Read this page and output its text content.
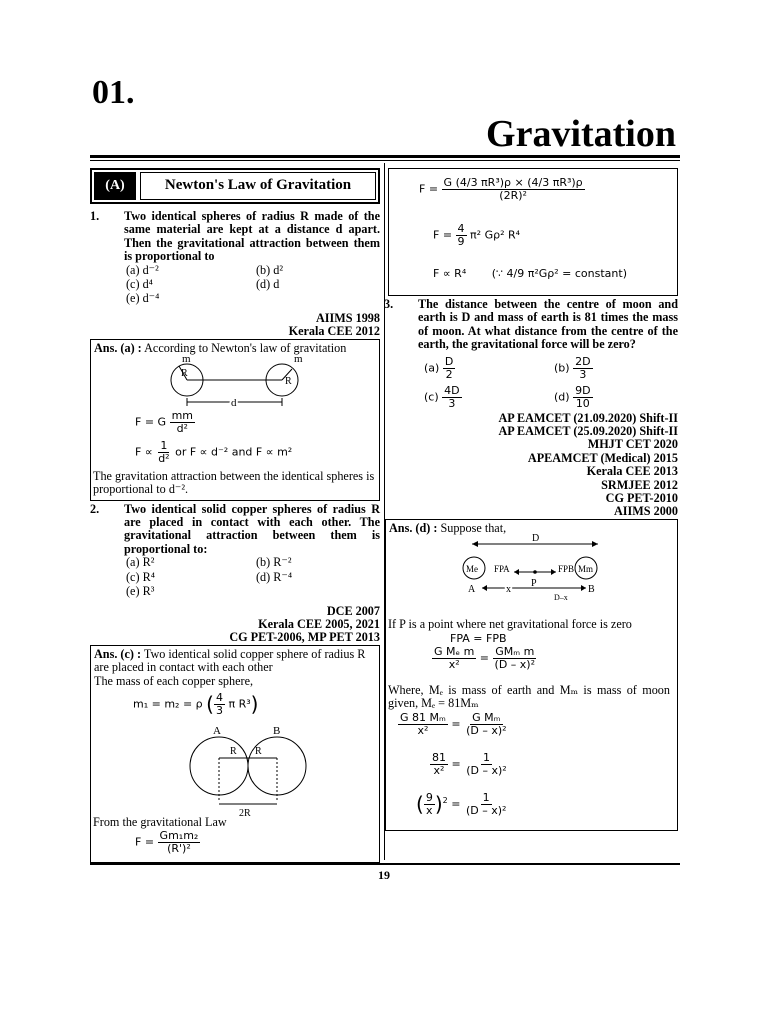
01.
Gravitation
(A)	Newton's Law of Gravitation
1. Two identical spheres of radius R made of the same material are kept at a distance d apart. Then the gravitational attraction between them is proportional to
(a) d⁻²	(b) d²
(c) d⁴	(d) d
(e) d⁻⁴
AIIMS 1998
Kerala CEE 2012
Ans. (a) : According to Newton's law of gravitation
m	m
R
R
d
F = G $\frac{mm}{\text{d²}}$
$F \propto \frac{1}{\text{d²}}$ or F ∝ d⁻² and F ∝ m²
The gravitation attraction between the identical spheres is proportional to d⁻².
2. Two identical solid copper spheres of radius R are placed in contact with each other. The gravitational attraction between them is proportional to:
(a) R²	(b) R⁻²
(c) R⁴	(d) R⁻⁴
(e) R³
DCE 2007
Kerala CEE 2005, 2021
CG PET-2006, MP PET 2013
Ans. (c) : Two identical solid copper sphere of radius R are placed in contact with each other
The mass of each copper sphere,
m₁ = m₂ = ρ ( $\frac{4}{3}$ π R³)
A	B
R R
2R
From the gravitational Law
$F = \frac{\text{Gm₁m₂}}{\text{(R')²}}$
$F = \frac{\text{G (4/3 πR³)ρ × (4/3 πR³)ρ}}{\text{(2R)²}}$
$F = \frac{4}{9} \pi^2$ Gρ² R⁴
F ∝ R⁴ (∵ 4/9 π²Gρ² = constant)
3. The distance between the centre of moon and earth is D and mass of earth is 81 times the mass of moon. At what distance from the centre of the earth, the gravitational force will be zero?
$(a) \frac{D}{2}$	$(b) \frac{2D}{3}$
$(c) \frac{4D}{3}$	$(d) \frac{9D}{10}$
AP EAMCET (21.09.2020) Shift-II
AP EAMCET (25.09.2020) Shift-II
MHJT CET 2020
APEAMCET (Medical) 2015
Kerala CEE 2013
SRMJEE 2012
CG PET-2010
AIIMS 2000
Ans. (d) : Suppose that,
D
Me	Mm
FPA	FPB
A	x
P
D–x
B
If P is a point where net gravitational force is zero
FPA = FPB
$\frac{\text{G Mₑ m}}{\text{x²}} = \frac{\text{GMₘ m}}{\text{(D – x)²}}$
Where, Mₑ is mass of earth and Mₘ is mass of moon given, Mₑ = 81Mₘ
$\frac{\text{G 81 Mₘ}}{\text{x²}} = \frac{\text{G Mₘ}}{\text{(D – x)²}}$
$\frac{81}{\text{x²}} = \frac{1}{\text{(D – x)²}}$
( $\frac{9}{x} )^2 = \frac{1}{\text{(D – x)²}}$
19
